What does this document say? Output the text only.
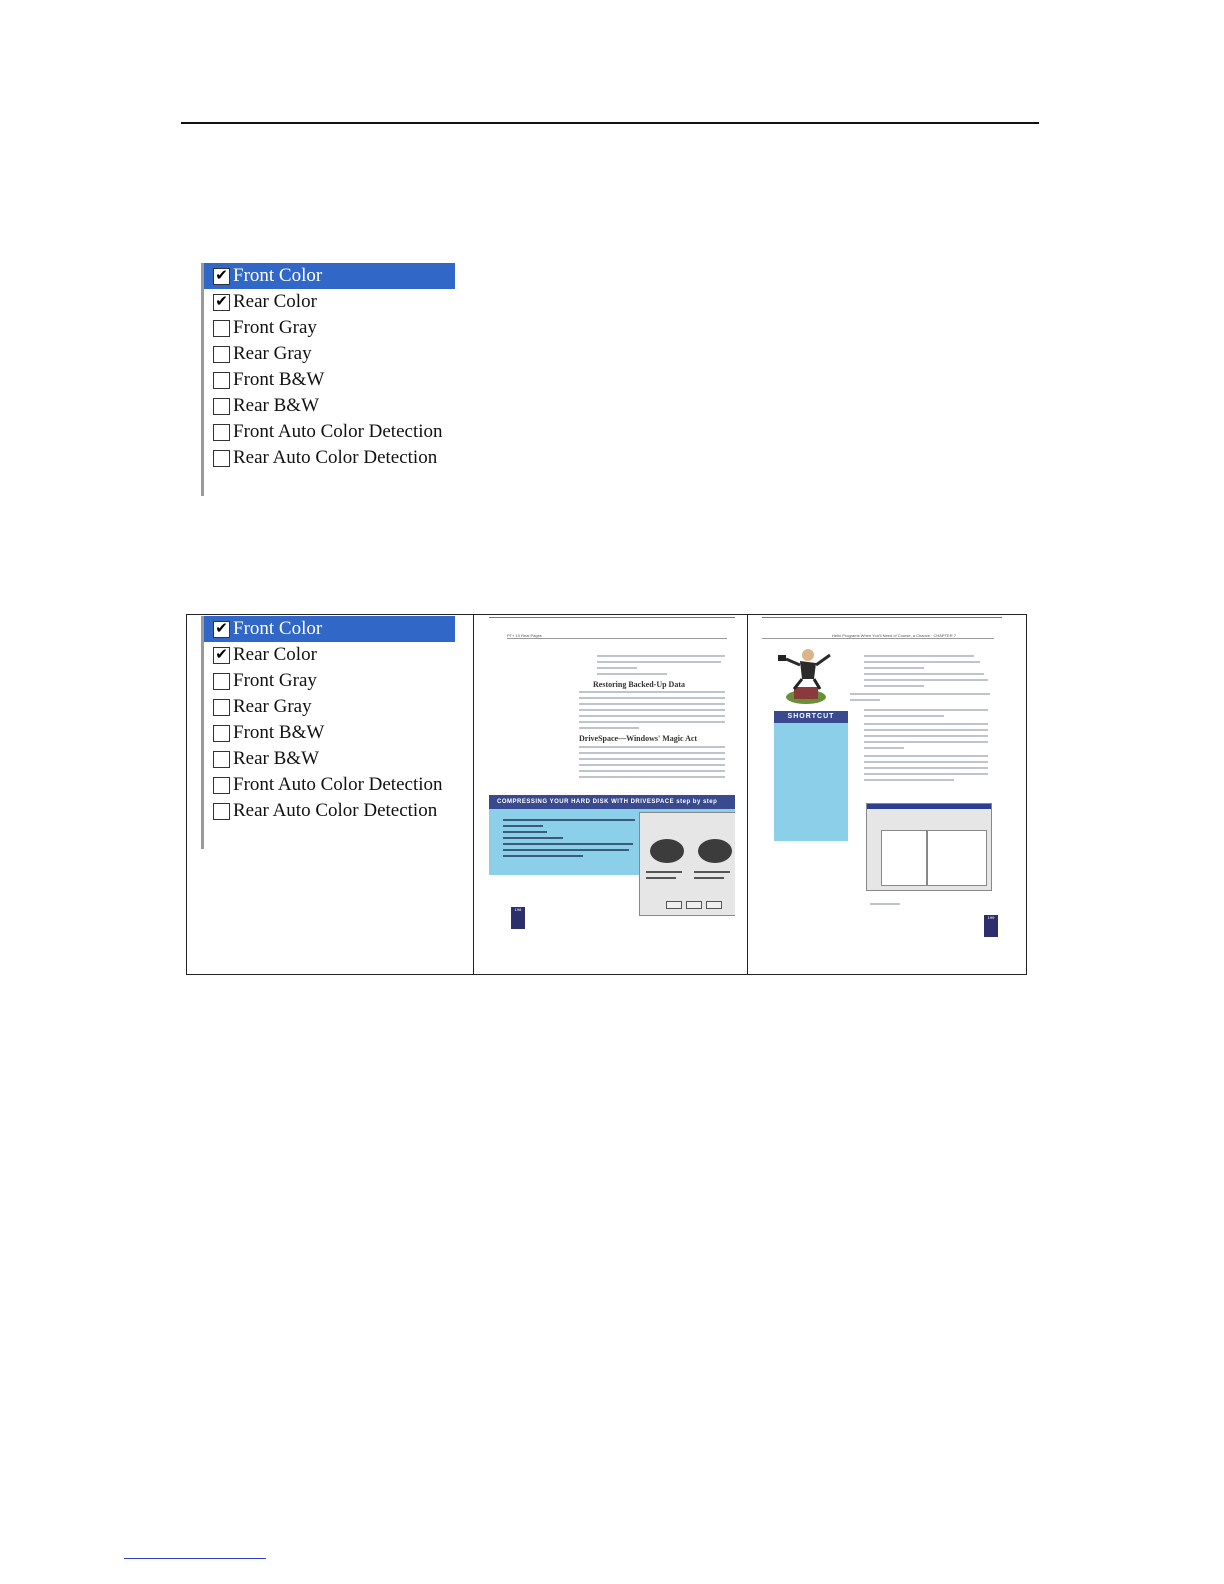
✔ Front Color
✔ Rear Color
Front Gray
Rear Gray
Front B&W
Rear B&W
Front Auto Color Detection
Rear Auto Color Detection
PT+ 10 Real Pages
Restoring Backed-Up Data
DriveSpace—Windows' Magic Act
COMPRESSING YOUR HARD DISK WITH DRIVESPACE step by step
198
Hello Programs When You'll Need of Course, a Chance · CHAPTER 7
SHORTCUT
199
✔ Front Color
✔ Rear Color
Front Gray
Rear Gray
Front B&W
Rear B&W
Front Auto Color Detection
Rear Auto Color Detection
